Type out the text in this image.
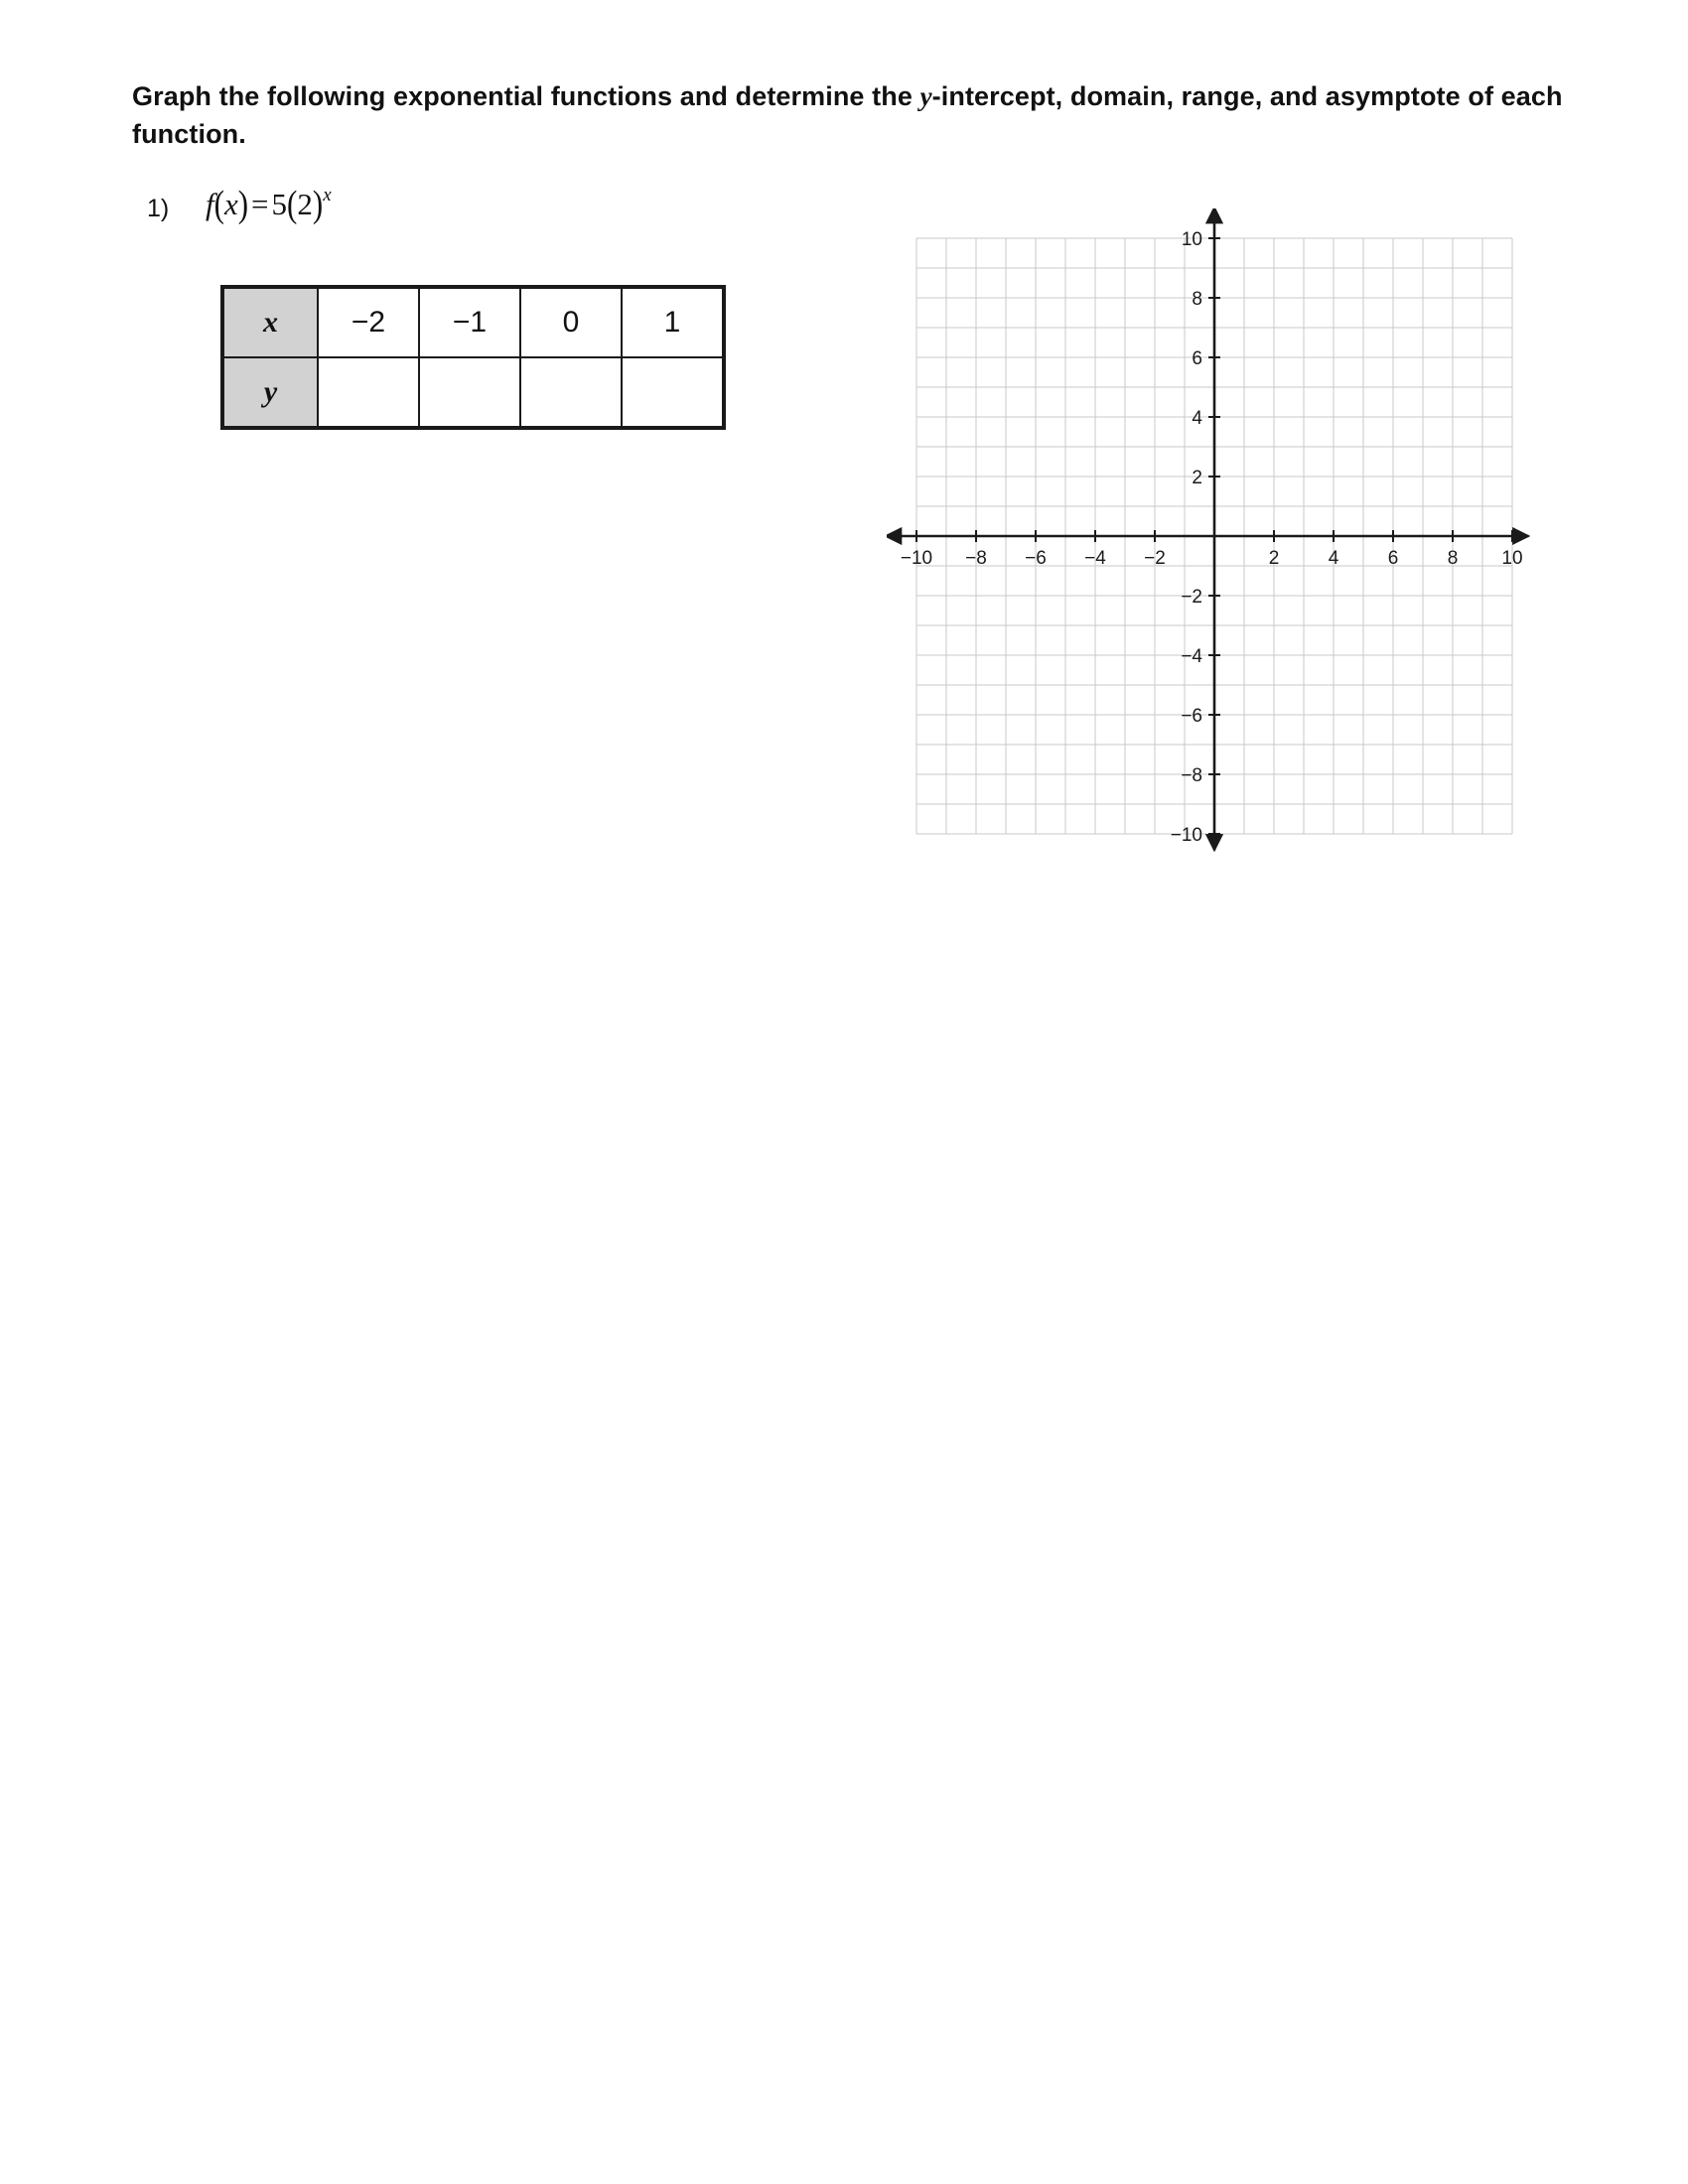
Graph the following exponential functions and determine the y-intercept, domain, range, and asymptote of each function.
1) $f(x)=5(2)^x$
x	−2	−1	0	1
y				
−10 −8 −6 −4 −2	2	4	6	8 10
10
8
6
4
2
−2
−4
−6
−8
−10
